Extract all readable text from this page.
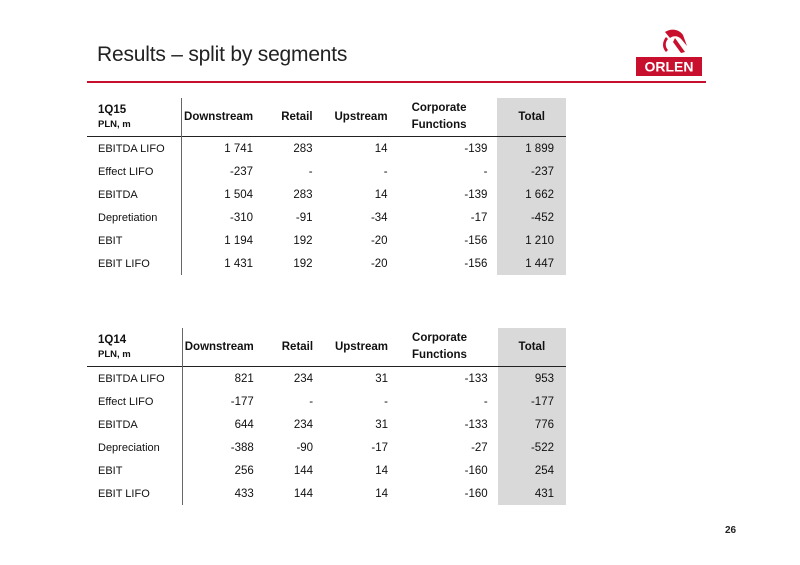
Results – split by segments
ORLEN
1Q15
PLN, m	Downstream	Retail	Upstream	Corporate Functions	Total
EBITDA LIFO	1 741	283	14	-139	1 899
Effect LIFO	-237	-	-	-	-237
EBITDA	1 504	283	14	-139	1 662
Depretiation	-310	-91	-34	-17	-452
EBIT	1 194	192	-20	-156	1 210
EBIT LIFO	1 431	192	-20	-156	1 447
1Q14
PLN, m	Downstream	Retail	Upstream	Corporate Functions	Total
EBITDA LIFO	821	234	31	-133	953
Effect LIFO	-177	-	-	-	-177
EBITDA	644	234	31	-133	776
Depreciation	-388	-90	-17	-27	-522
EBIT	256	144	14	-160	254
EBIT LIFO	433	144	14	-160	431
26
